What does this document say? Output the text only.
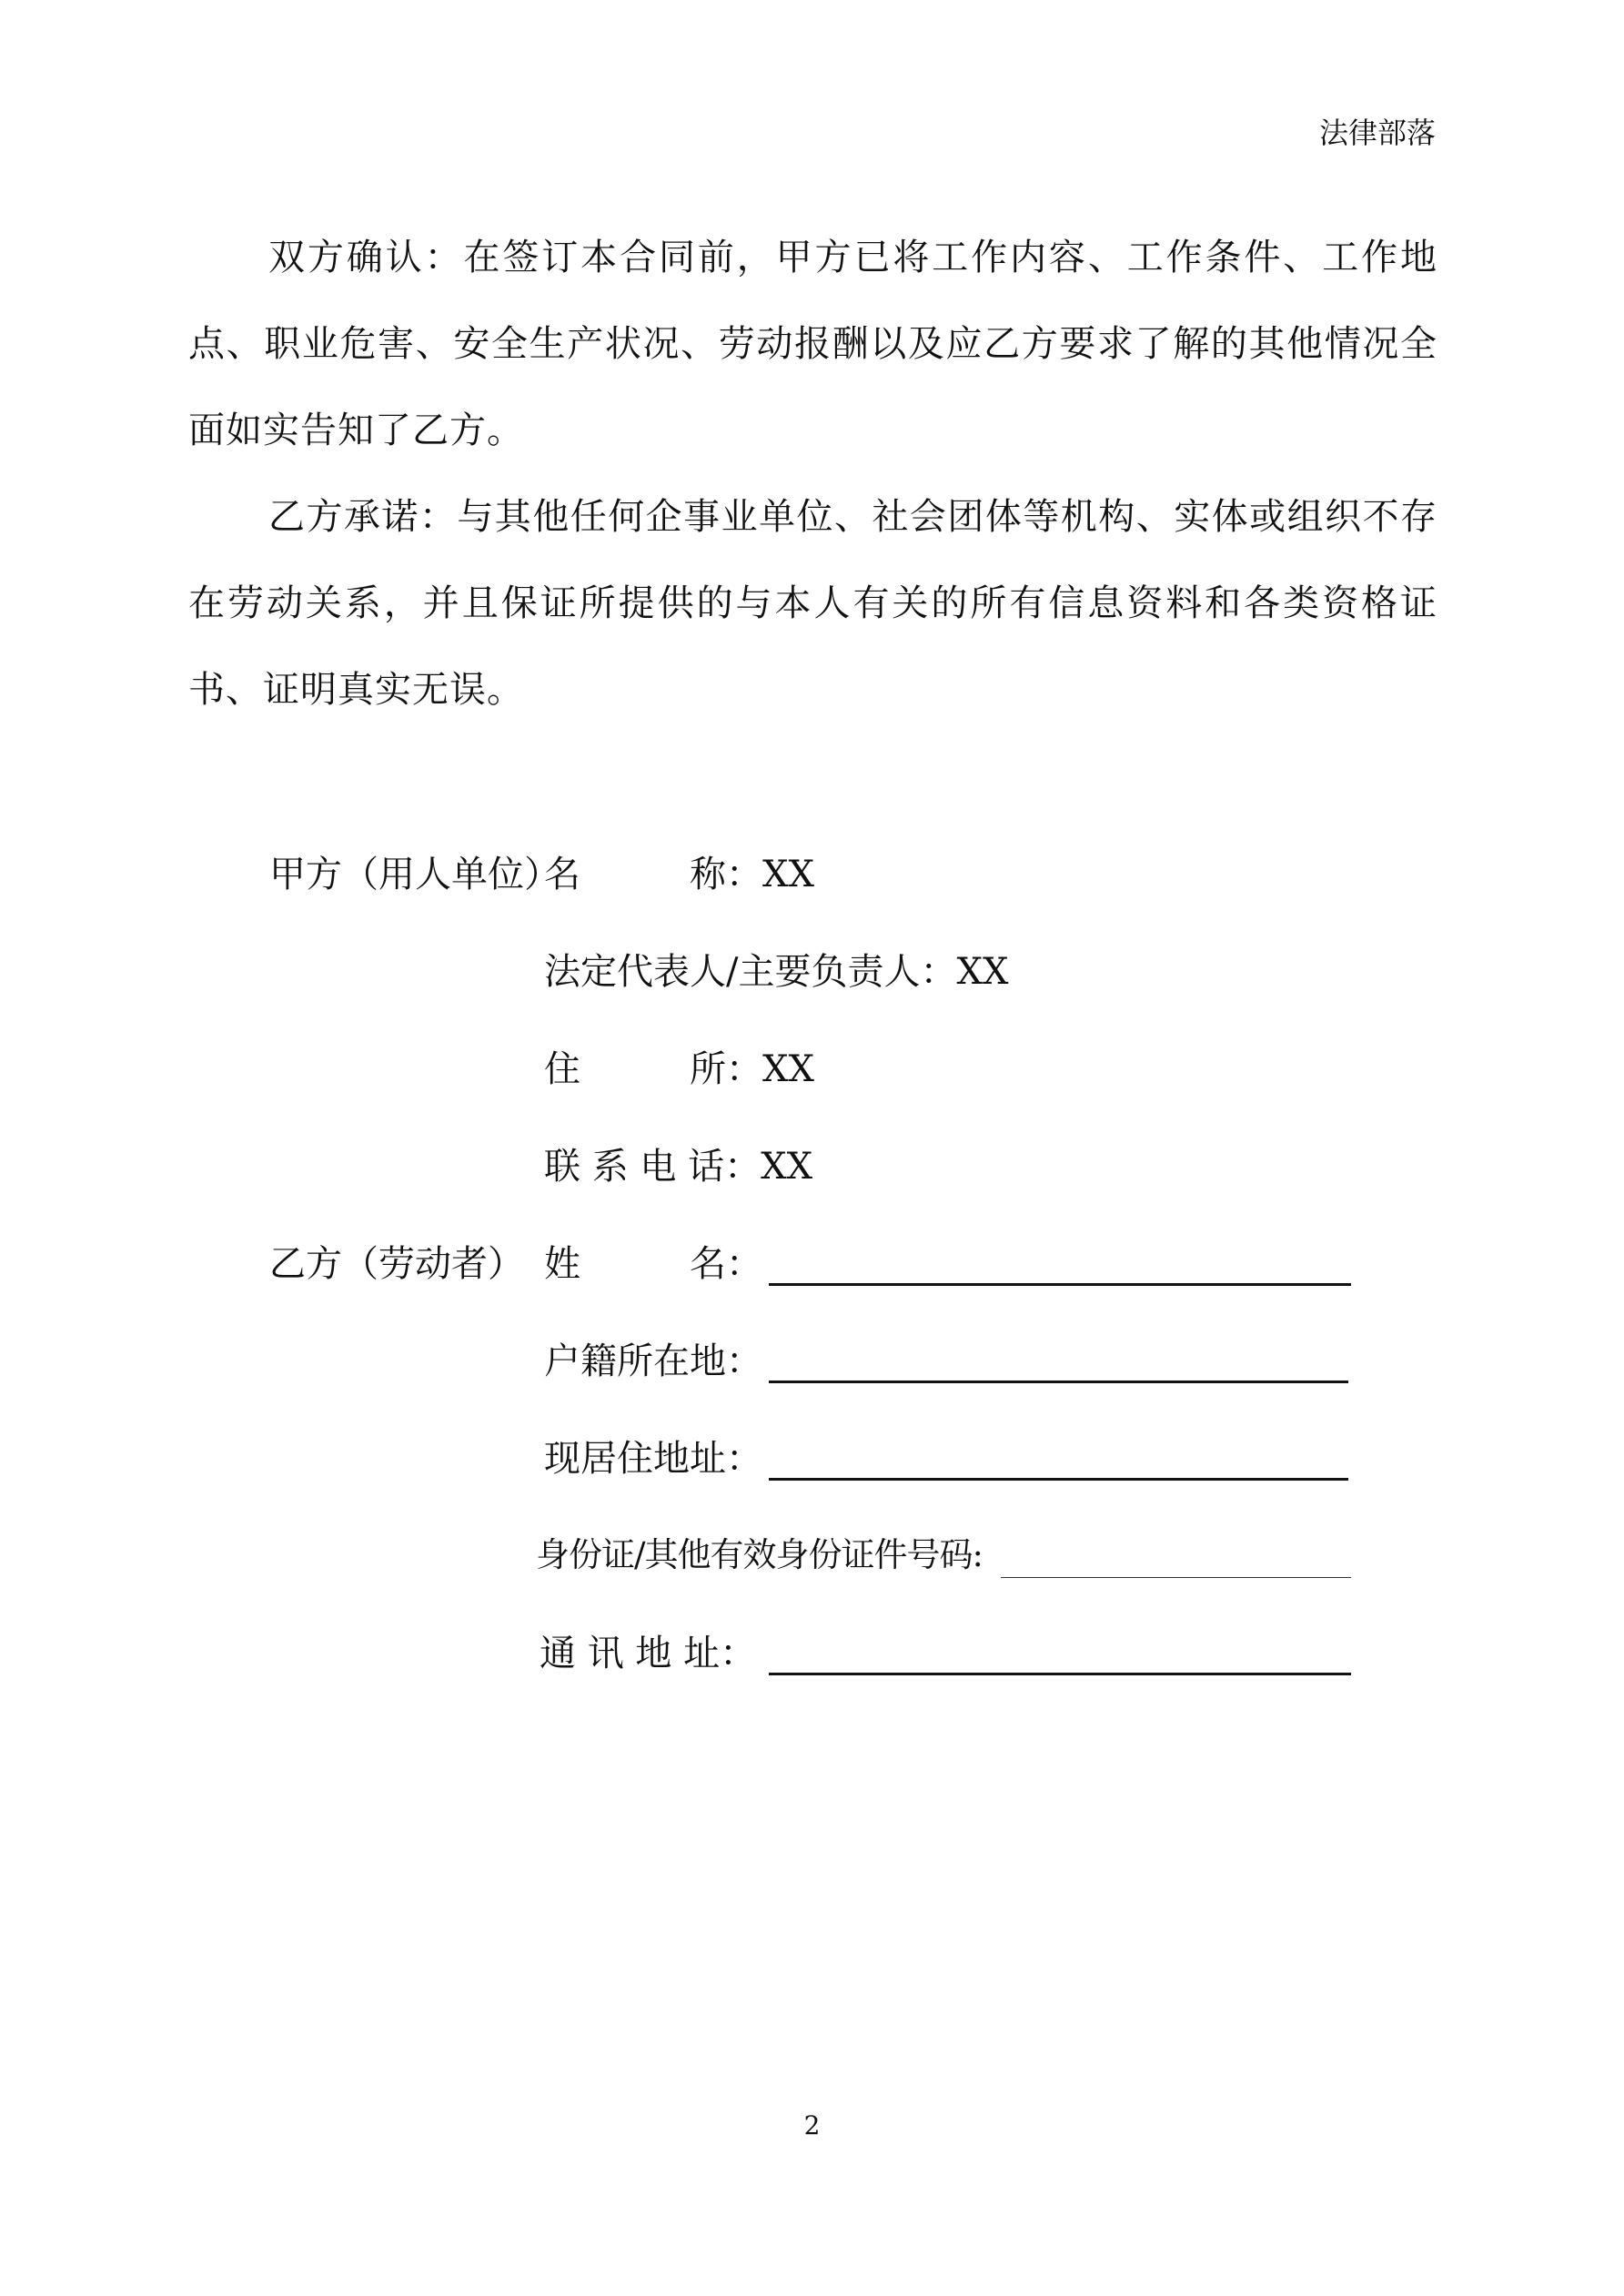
法律部落
双方确认：在签订本合同前，甲方已将工作内容、工作条件、工作地点、职业危害、安全生产状况、劳动报酬以及应乙方要求了解的其他情况全面如实告知了乙方。
乙方承诺：与其他任何企事业单位、社会团体等机构、实体或组织不存在劳动关系，并且保证所提供的与本人有关的所有信息资料和各类资格证书、证明真实无误。
甲方（用人单位）
名　　　称：XX
法定代表人/主要负责人：XX
住　　　所：XX
联 系 电 话：XX
乙方（劳动者） 姓　　　名：
户籍所在地：
现居住地址：
身份证/其他有效身份证件号码:
通 讯 地 址：
2
